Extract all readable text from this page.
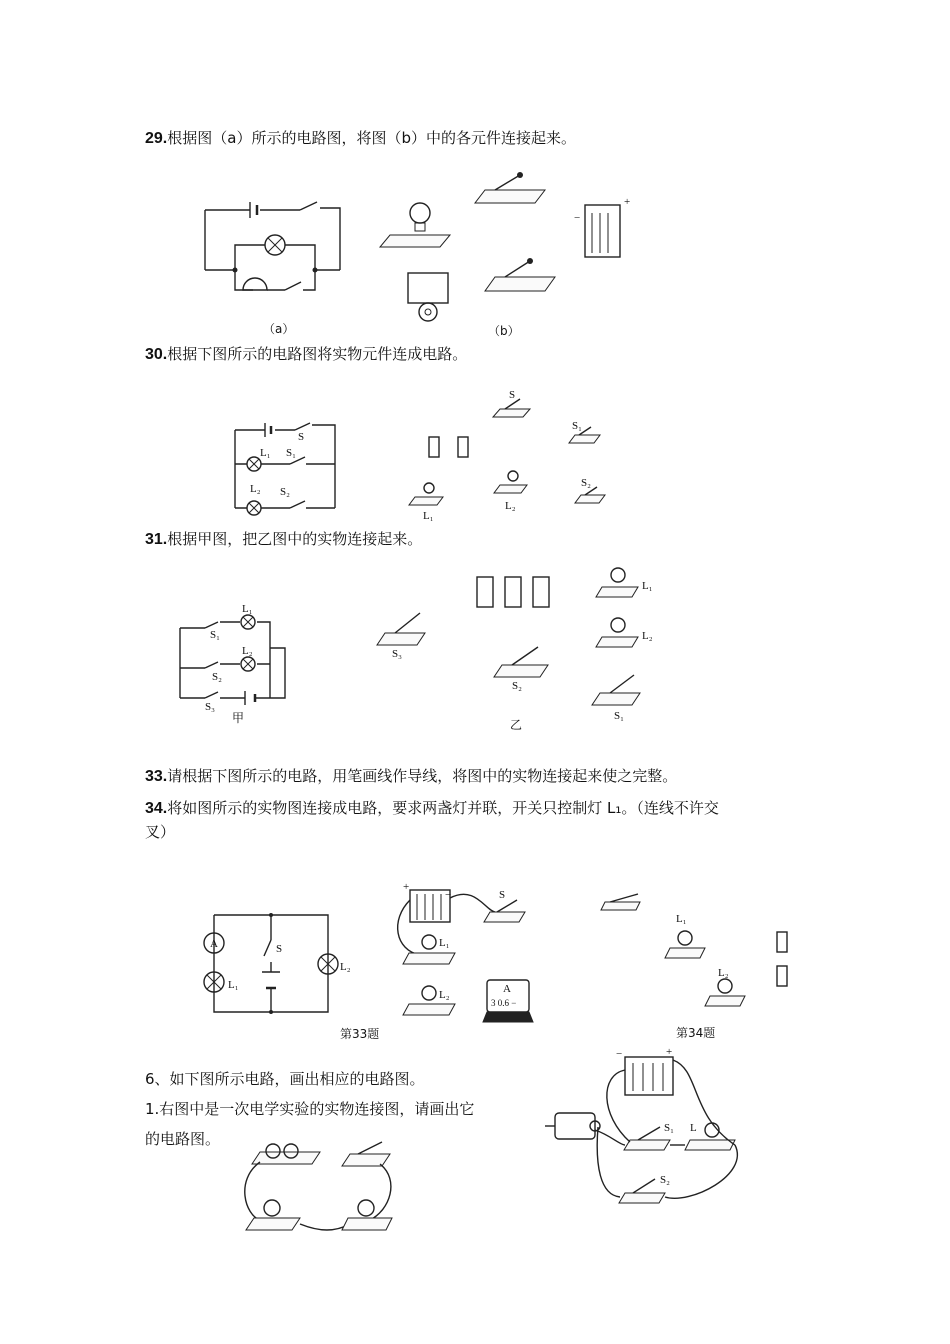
29.根据图（a）所示的电路图，将图（b）中的各元件连接起来。
（a）
−
+
（b）
30.根据下图所示的电路图将实物元件连成电路。
S
L₁ S₁
L₂ S₂
S
S₁
L₁
L₂
S₂
31.根据甲图，把乙图中的实物连接起来。
L₁
S₁
L₂
S₂
S₃
甲
S₃
L₁
L₂
S₂
S₁
乙
33.请根据下图所示的电路，用笔画线作导线，将图中的实物连接起来使之完整。
34.将如图所示的实物图连接成电路，要求两盏灯并联，开关只控制灯 L₁。（连线不许交
叉）
A	S
L₁
L₂
第33题
+
−	S
L₁
L₂	A
3 0.6 −
L₁
L₂
第34题
6、如下图所示电路，画出相应的电路图。
1.右图中是一次电学实验的实物连接图，请画出它
的电路图。
−	+
S₁ L
S₂
